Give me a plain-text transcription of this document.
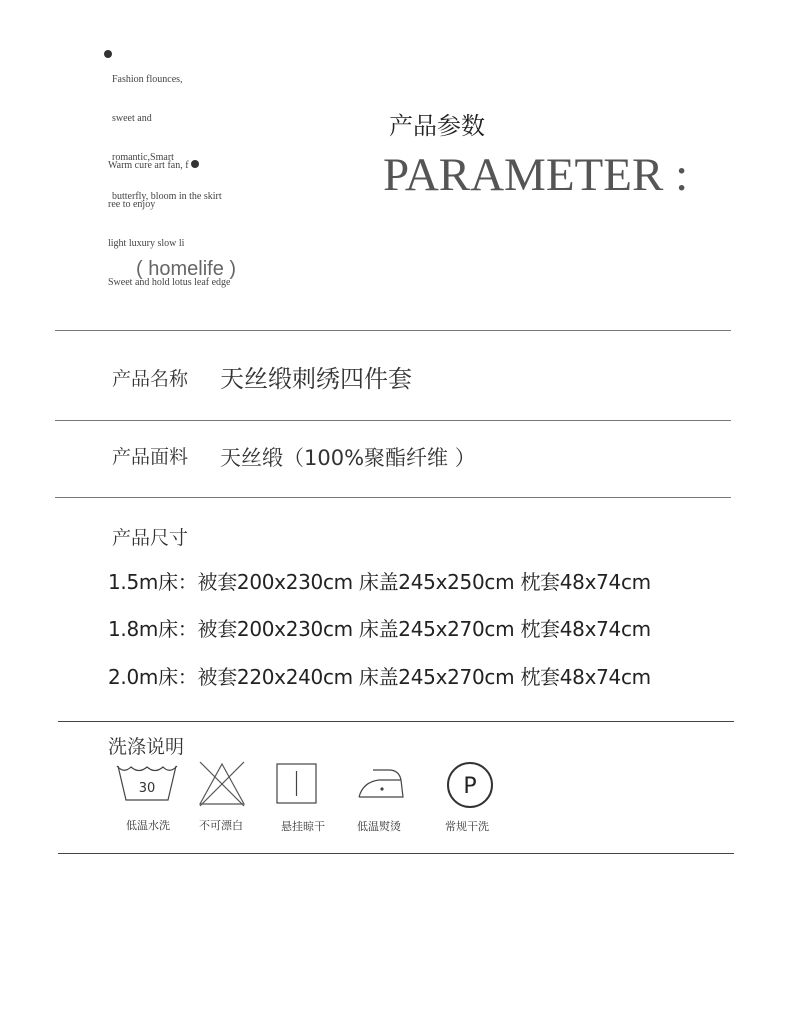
Fashion flounces,

sweet and

romantic,Smart

butterfly, bloom in the skirt

Warm cure art fan, f

ree to enjoy

light luxury slow li

Sweet and hold lotus leaf edge

产品参数
PARAMETER :
( homelife )
产品名称 天丝缎刺绣四件套
产品面料 天丝缎（100%聚酯纤维 ）
产品尺寸
1.5m床：被套200x230cm 床盖245x250cm 枕套48x74cm
1.8m床：被套200x230cm 床盖245x270cm 枕套48x74cm
2.0m床：被套220x240cm 床盖245x270cm 枕套48x74cm
洗涤说明
30
低温水洗	不可漂白	悬挂晾干	低温熨烫
P
常规干洗
